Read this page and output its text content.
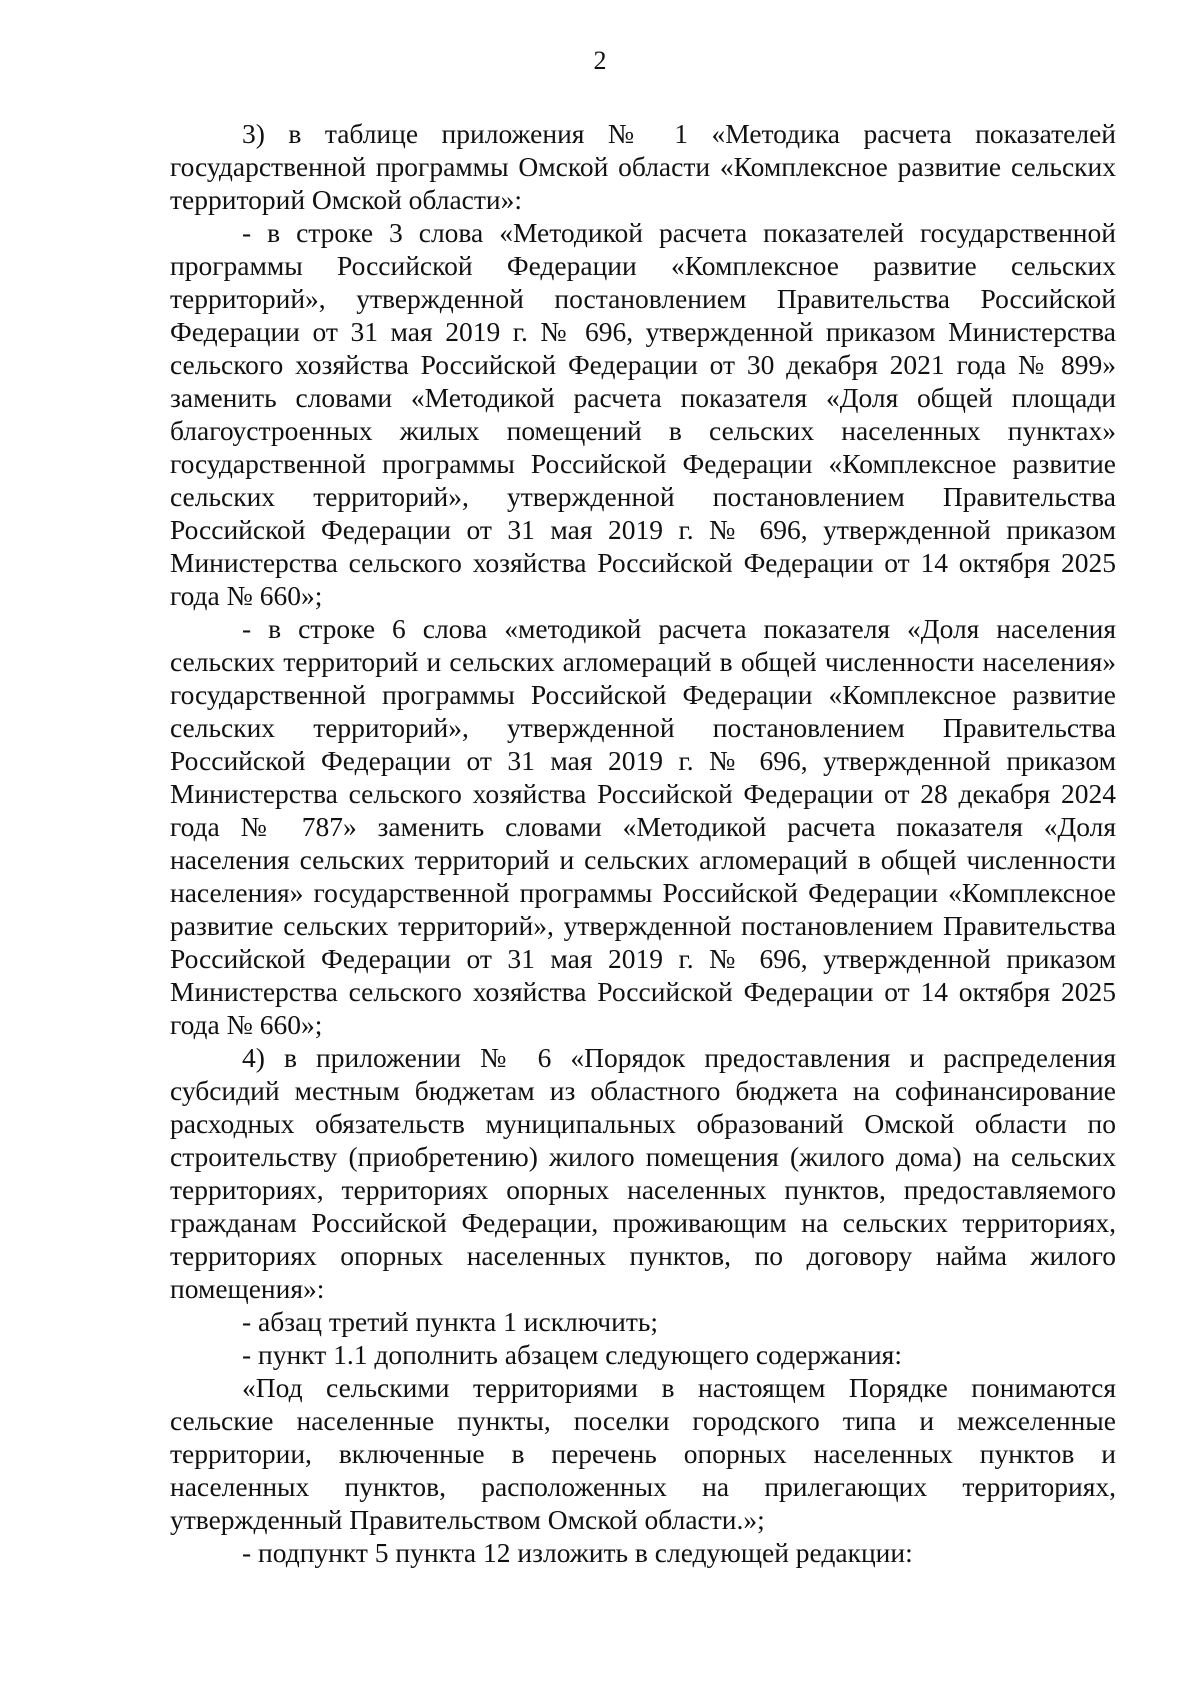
2

3) в таблице приложения № 1 «Методика расчета показателей государственной программы Омской области «Комплексное развитие сельских территорий Омской области»:

- в строке 3 слова «Методикой расчета показателей государственной программы Российской Федерации «Комплексное развитие сельских территорий», утвержденной постановлением Правительства Российской Федерации от 31 мая 2019 г. № 696, утвержденной приказом Министерства сельского хозяйства Российской Федерации от 30 декабря 2021 года № 899» заменить словами «Методикой расчета показателя «Доля общей площади благоустроенных жилых помещений в сельских населенных пунктах» государственной программы Российской Федерации «Комплексное развитие сельских территорий», утвержденной постановлением Правительства Российской Федерации от 31 мая 2019 г. № 696, утвержденной приказом Министерства сельского хозяйства Российской Федерации от 14 октября 2025 года № 660»;

- в строке 6 слова «методикой расчета показателя «Доля населения сельских территорий и сельских агломераций в общей численности населения» государственной программы Российской Федерации «Комплексное развитие сельских территорий», утвержденной постановлением Правительства Российской Федерации от 31 мая 2019 г. № 696, утвержденной приказом Министерства сельского хозяйства Российской Федерации от 28 декабря 2024 года № 787» заменить словами «Методикой расчета показателя «Доля населения сельских территорий и сельских агломераций в общей численности населения» государственной программы Российской Федерации «Комплексное развитие сельских территорий», утвержденной постановлением Правительства Российской Федерации от 31 мая 2019 г. № 696, утвержденной приказом Министерства сельского хозяйства Российской Федерации от 14 октября 2025 года № 660»;

4) в приложении № 6 «Порядок предоставления и распределения субсидий местным бюджетам из областного бюджета на софинансирование расходных обязательств муниципальных образований Омской области по строительству (приобретению) жилого помещения (жилого дома) на сельских территориях, территориях опорных населенных пунктов, предоставляемого гражданам Российской Федерации, проживающим на сельских территориях, территориях опорных населенных пунктов, по договору найма жилого помещения»:

- абзац третий пункта 1 исключить;

- пункт 1.1 дополнить абзацем следующего содержания:

«Под сельскими территориями в настоящем Порядке понимаются сельские населенные пункты, поселки городского типа и межселенные территории, включенные в перечень опорных населенных пунктов и населенных пунктов, расположенных на прилегающих территориях, утвержденный Правительством Омской области.»;

- подпункт 5 пункта 12 изложить в следующей редакции:
